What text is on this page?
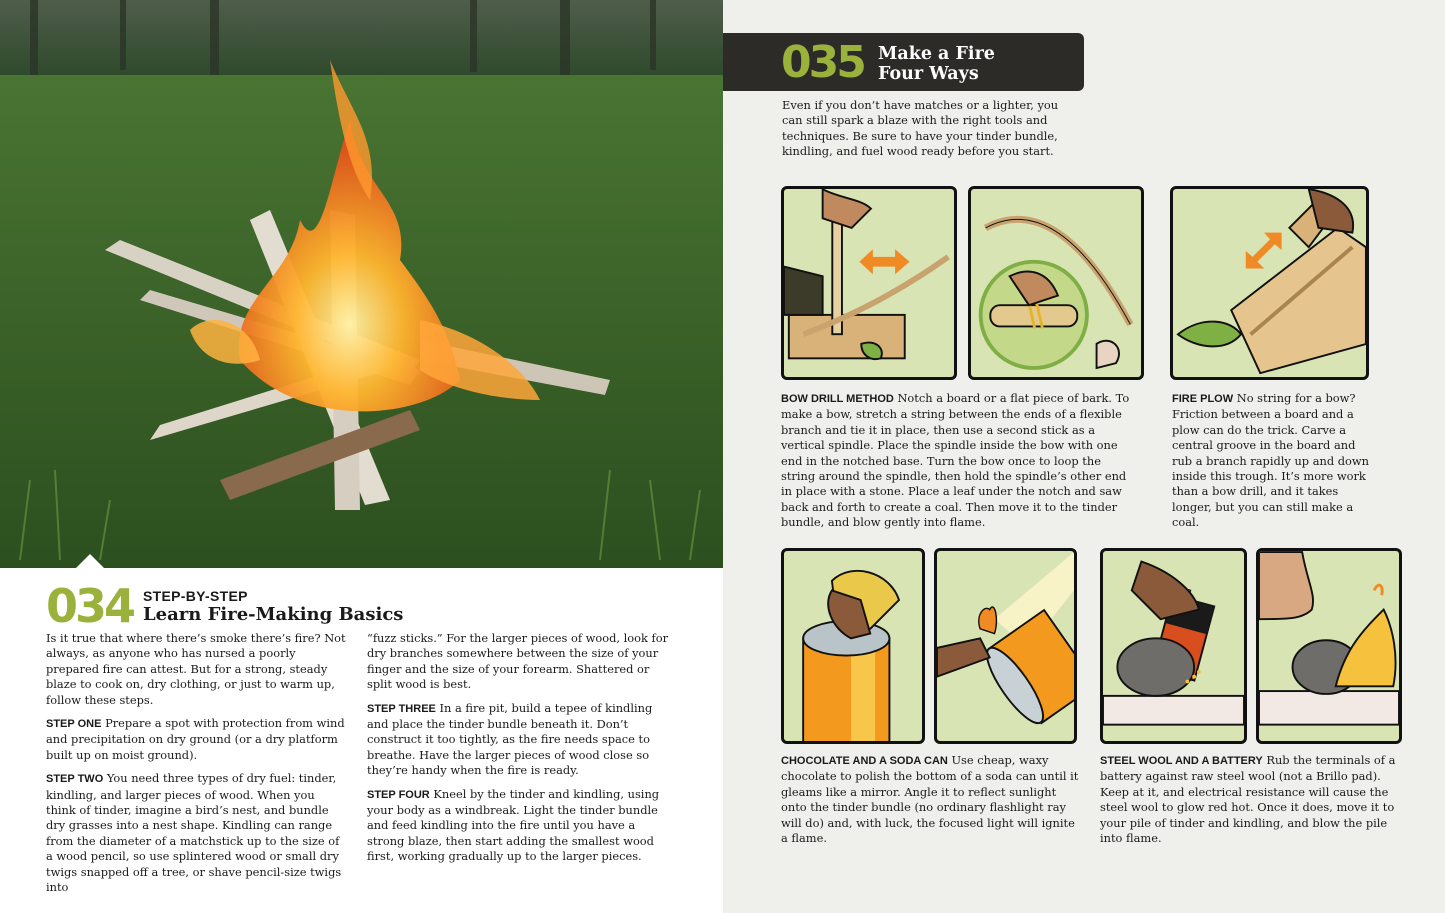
034 STEP-BY-STEP
Learn Fire-Making Basics

Is it true that where there’s smoke there’s fire? Not always, as anyone who has nursed a poorly prepared fire can attest. But for a strong, steady blaze to cook on, dry clothing, or just to warm up, follow these steps.

STEP ONE Prepare a spot with protection from wind and precipitation on dry ground (or a dry platform built up on moist ground).

STEP TWO You need three types of dry fuel: tinder, kindling, and larger pieces of wood. When you think of tinder, imagine a bird’s nest, and bundle dry grasses into a nest shape. Kindling can range from the diameter of a matchstick up to the size of a wood pencil, so use splintered wood or small dry twigs snapped off a tree, or shave pencil-size twigs into

“fuzz sticks.” For the larger pieces of wood, look for dry branches somewhere between the size of your finger and the size of your forearm. Shattered or split wood is best.

STEP THREE In a fire pit, build a tepee of kindling and place the tinder bundle beneath it. Don’t construct it too tightly, as the fire needs space to breathe. Have the larger pieces of wood close so they’re handy when the fire is ready.

STEP FOUR Kneel by the tinder and kindling, using your body as a windbreak. Light the tinder bundle and feed kindling into the fire until you have a strong blaze, then start adding the smallest wood first, working gradually up to the larger pieces.

035 Make a Fire
Four Ways
Even if you don’t have matches or a lighter, you can still spark a blaze with the right tools and techniques. Be sure to have your tinder bundle, kindling, and fuel wood ready before you start.
BOW DRILL METHOD Notch a board or a flat piece of bark. To make a bow, stretch a string between the ends of a flexible branch and tie it in place, then use a second stick as a vertical spindle. Place the spindle inside the bow with one end in the notched base. Turn the bow once to loop the string around the spindle, then hold the spindle’s other end in place with a stone. Place a leaf under the notch and saw back and forth to create a coal. Then move it to the tinder bundle, and blow gently into flame.
FIRE PLOW No string for a bow? Friction between a board and a plow can do the trick. Carve a central groove in the board and rub a branch rapidly up and down inside this trough. It’s more work than a bow drill, and it takes longer, but you can still make a coal.
CHOCOLATE AND A SODA CAN Use cheap, waxy chocolate to polish the bottom of a soda can until it gleams like a mirror. Angle it to reflect sunlight onto the tinder bundle (no ordinary flashlight ray will do) and, with luck, the focused light will ignite a flame.
STEEL WOOL AND A BATTERY Rub the terminals of a battery against raw steel wool (not a Brillo pad). Keep at it, and electrical resistance will cause the steel wool to glow red hot. Once it does, move it to your pile of tinder and kindling, and blow the pile into flame.
